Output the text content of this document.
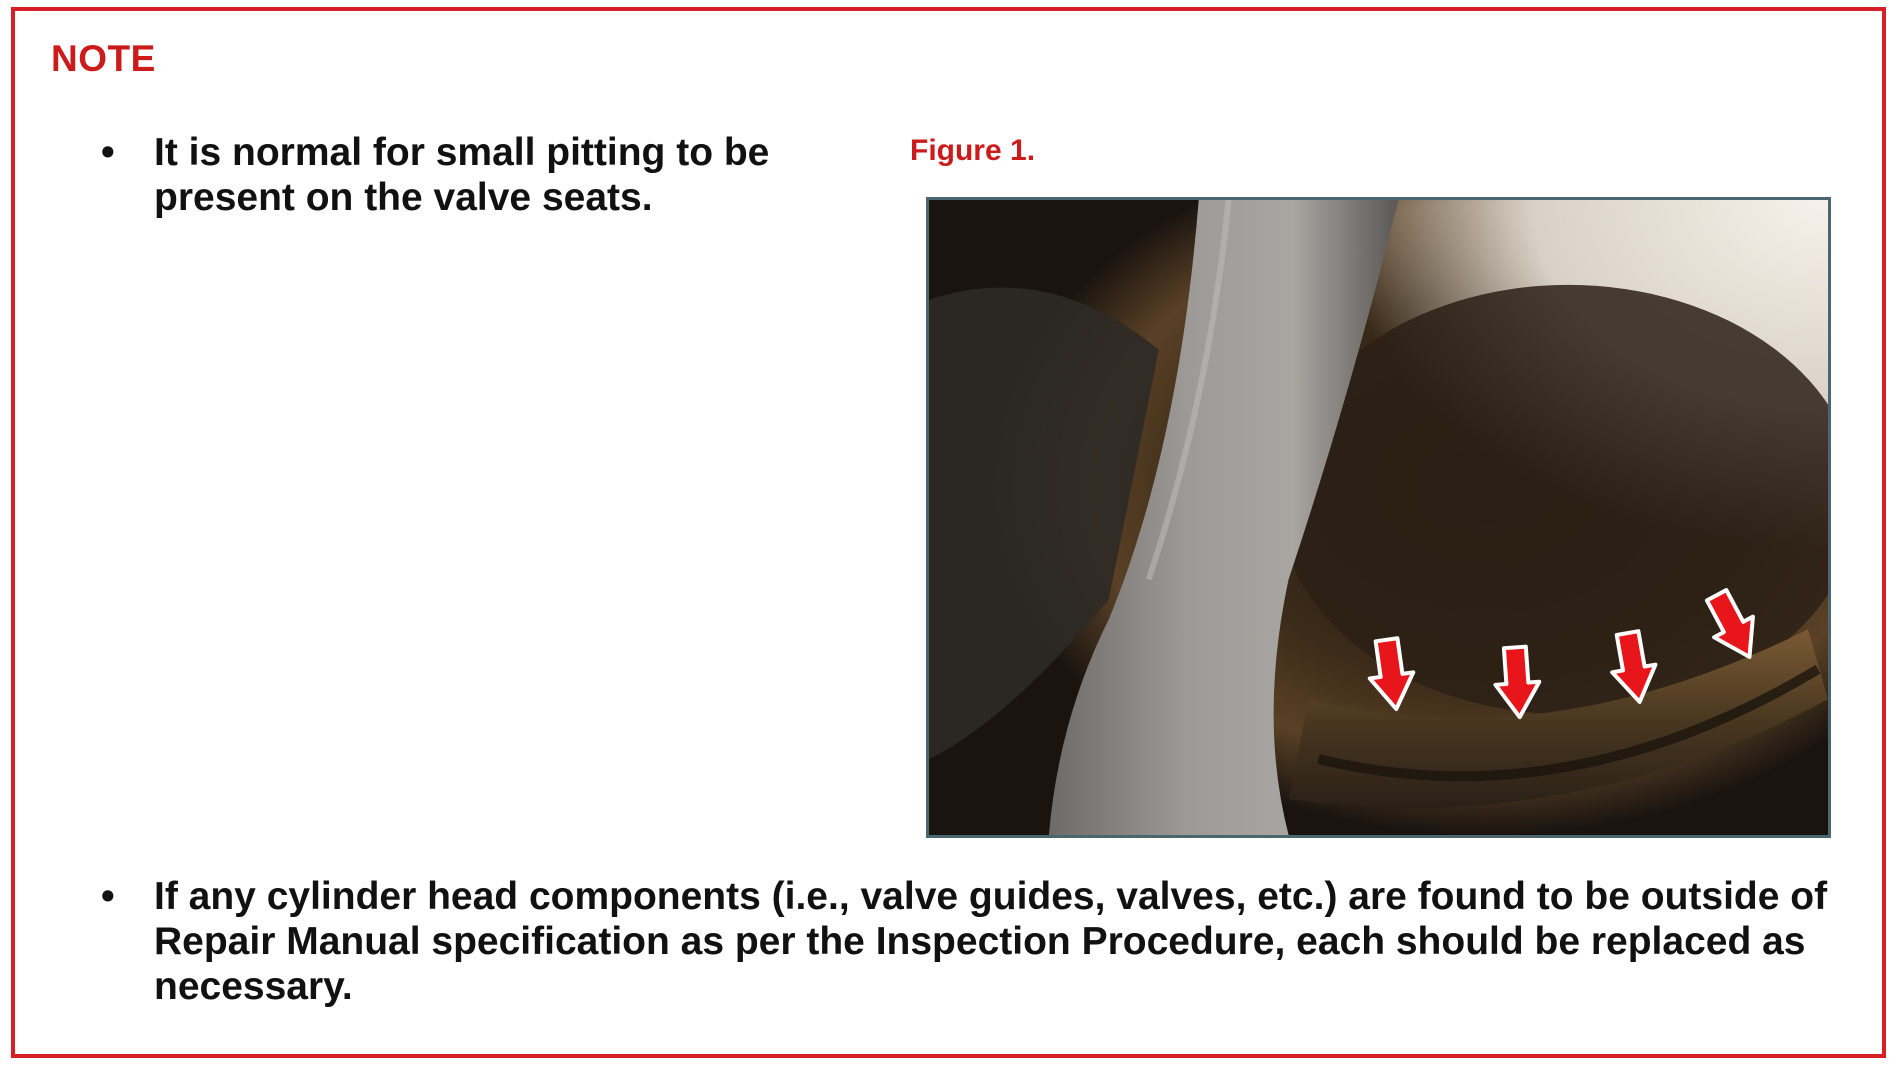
NOTE
•	It is normal for small pitting to be present on the valve seats.

Figure 1.

•	If any cylinder head components (i.e., valve guides, valves, etc.) are found to be outside of Repair Manual specification as per the Inspection Procedure, each should be replaced as necessary.
